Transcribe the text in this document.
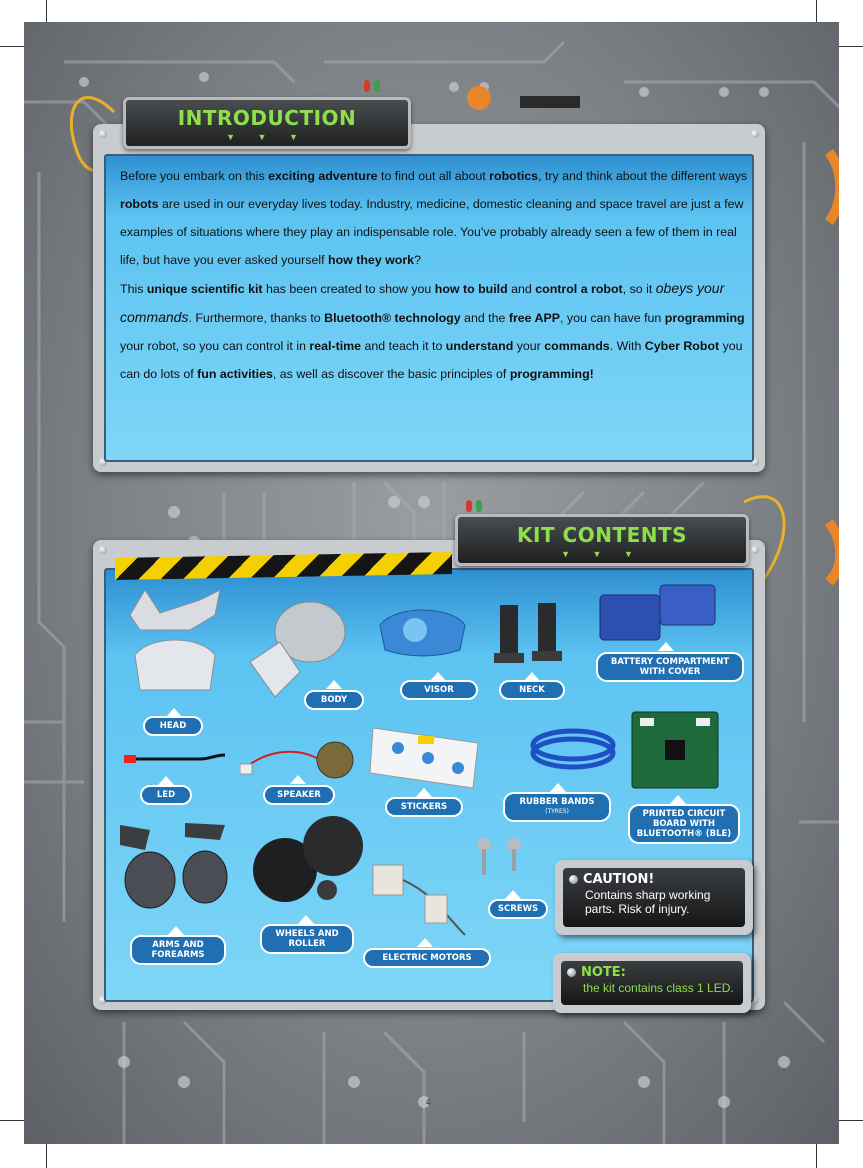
Before you embark on this exciting adventure to find out all about robotics, try and think about the different ways robots are used in our everyday lives today. Industry, medicine, domestic cleaning and space travel are just a few examples of situations where they play an indispensable role. You've probably already seen a few of them in real life, but have you ever asked yourself how they work?
This unique scientific kit has been created to show you how to build and control a robot, so it obeys your commands. Furthermore, thanks to Bluetooth® technology and the free APP, you can have fun programming your robot, so you can control it in real-time and teach it to understand your commands. With Cyber Robot you can do lots of fun activities, as well as discover the basic principles of programming!
INTRODUCTION
▼ ▼ ▼
KIT CONTENTS
▼ ▼ ▼
HEAD
BODY
VISOR	NECK
BATTERY COMPARTMENT WITH COVER
LED	SPEAKER
STICKERS	RUBBER BANDS
(TYRES)	PRINTED CIRCUIT BOARD WITH BLUETOOTH® (BLE)
ARMS AND FOREARMS
WHEELS AND ROLLER
ELECTRIC MOTORS
SCREWS
CAUTION!
Contains sharp working parts. Risk of injury.
NOTE:
the kit contains class 1 LED.
4
